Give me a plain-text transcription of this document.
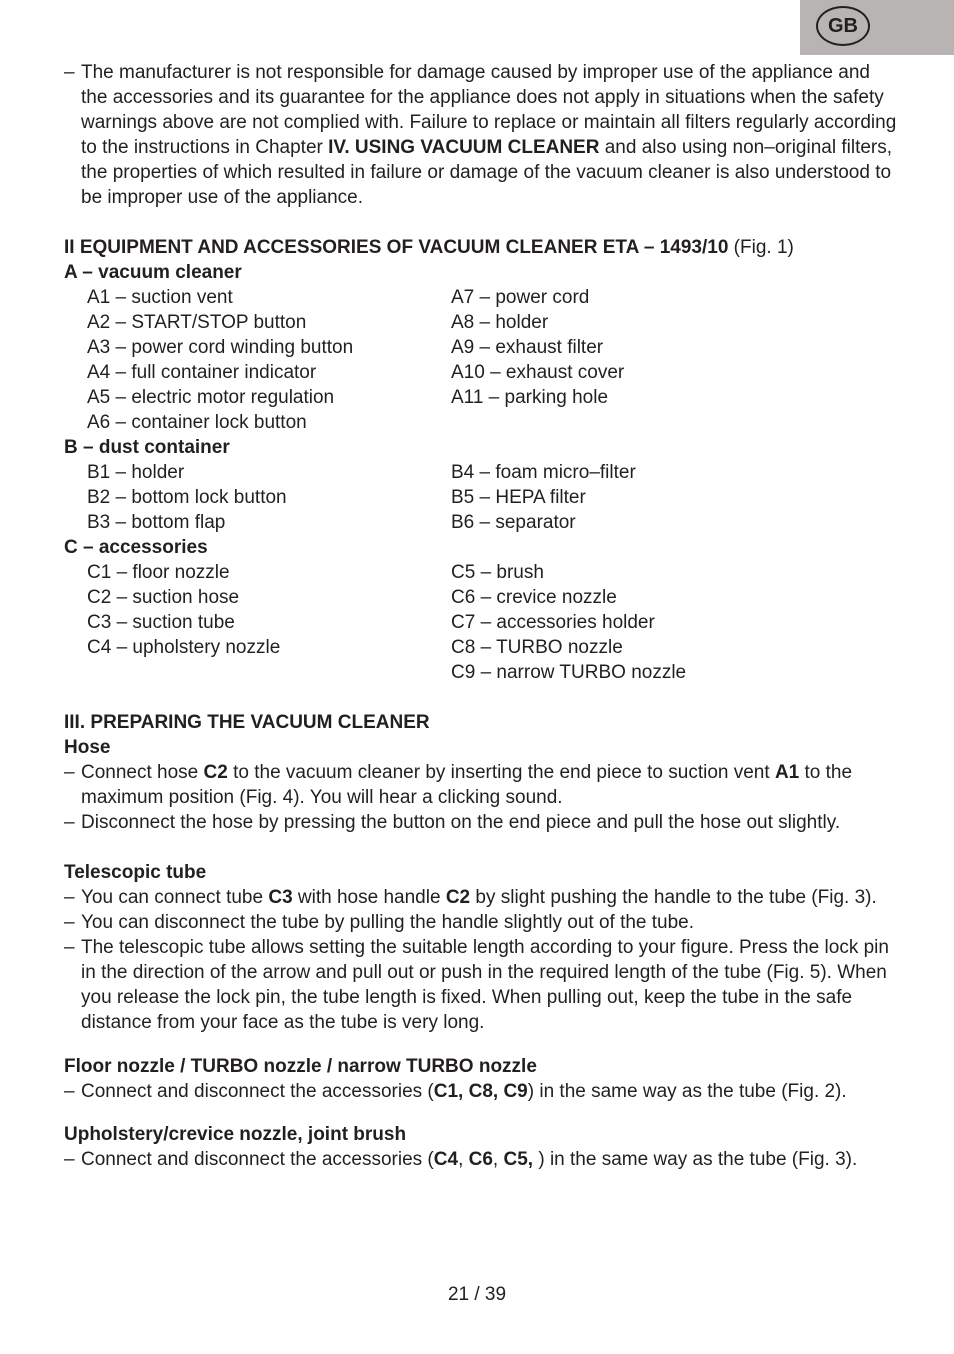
GB
– The manufacturer is not responsible for damage caused by improper use of the appliance and the accessories and its guarantee for the appliance does not apply in situations when the safety warnings above are not complied with. Failure to replace or maintain all filters regularly according to the instructions in Chapter IV. USING VACUUM CLEANER and also using non–original filters, the properties of which resulted in failure or damage of the vacuum cleaner is also understood to be improper use of the appliance.
II EQUIPMENT AND ACCESSORIES OF VACUUM CLEANER ETA – 1493/10 (Fig. 1)
A – vacuum cleaner
A1 – suction vent	A7 – power cord
A2 – START/STOP button	A8 – holder
A3 – power cord winding button	A9 – exhaust filter
A4 – full container indicator	A10 – exhaust cover
A5 – electric motor regulation	A11 – parking hole
A6 – container lock button
B – dust container
B1 – holder	B4 – foam micro–filter
B2 – bottom lock button	B5 – HEPA filter
B3 – bottom flap	B6 – separator
C – accessories
C1 – floor nozzle	C5 – brush
C2 – suction hose	C6 – crevice nozzle
C3 – suction tube	C7 – accessories holder
C4 – upholstery nozzle	C8 – TURBO nozzle
C9 – narrow TURBO nozzle
III. PREPARING THE VACUUM CLEANER
Hose
– Connect hose C2 to the vacuum cleaner by inserting the end piece to suction vent A1 to the maximum position (Fig. 4). You will hear a clicking sound.
– Disconnect the hose by pressing the button on the end piece and pull the hose out slightly.
Telescopic tube
– You can connect tube C3 with hose handle C2 by slight pushing the handle to the tube (Fig. 3).
– You can disconnect the tube by pulling the handle slightly out of the tube.
– The telescopic tube allows setting the suitable length according to your figure. Press the lock pin in the direction of the arrow and pull out or push in the required length of the tube (Fig. 5). When you release the lock pin, the tube length is fixed. When pulling out, keep the tube in the safe distance from your face as the tube is very long.
Floor nozzle / TURBO nozzle / narrow TURBO nozzle
– Connect and disconnect the accessories (C1, C8, C9) in the same way as the tube (Fig. 2).
Upholstery/crevice nozzle, joint brush
– Connect and disconnect the accessories (C4, C6, C5, ) in the same way as the tube (Fig. 3).
21 / 39
